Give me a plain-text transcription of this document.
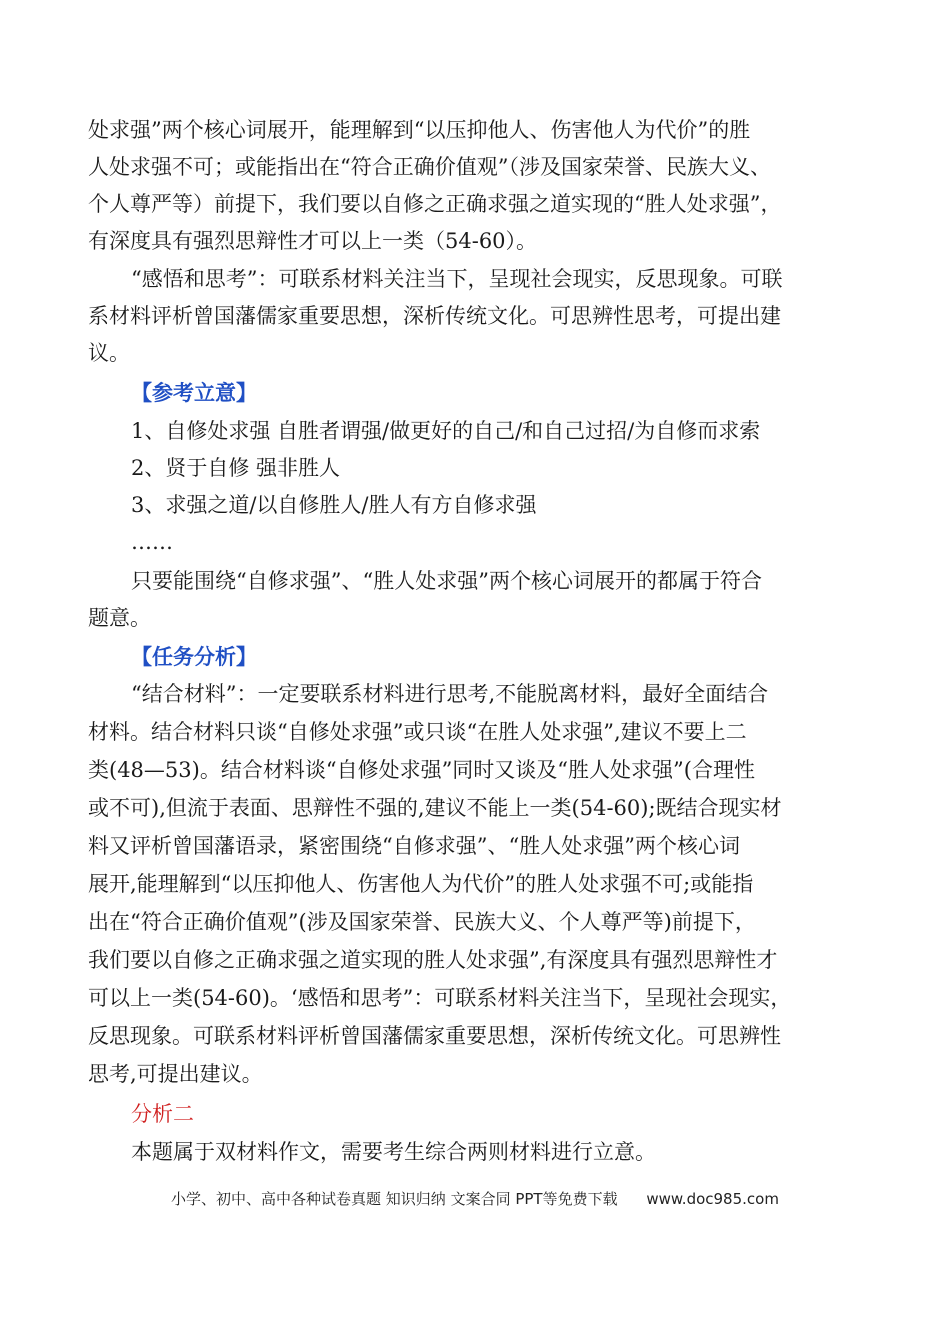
处求强”两个核心词展开，能理解到“以压抑他人、伤害他人为代价”的胜
人处求强不可；或能指出在“符合正确价值观”（涉及国家荣誉、民族大义、
个人尊严等）前提下，我们要以自修之正确求强之道实现的“胜人处求强”，
有深度具有强烈思辩性才可以上一类（54-60）。
“感悟和思考”：可联系材料关注当下，呈现社会现实，反思现象。可联
系材料评析曾国藩儒家重要思想，深析传统文化。可思辨性思考，可提出建
议。
【参考立意】
1、自修处求强 自胜者谓强/做更好的自己/和自己过招/为自修而求索
2、贤于自修 强非胜人
3、求强之道/以自修胜人/胜人有方自修求强
……
只要能围绕“自修求强”、“胜人处求强”两个核心词展开的都属于符合
题意。
【任务分析】
“结合材料”：一定要联系材料进行思考,不能脱离材料，最好全面结合
材料。结合材料只谈“自修处求强”或只谈“在胜人处求强”,建议不要上二
类(48—53)。结合材料谈“自修处求强”同时又谈及“胜人处求强”(合理性
或不可),但流于表面、思辩性不强的,建议不能上一类(54-60);既结合现实材
料又评析曾国藩语录，紧密围绕“自修求强”、“胜人处求强”两个核心词
展开,能理解到“以压抑他人、伤害他人为代价”的胜人处求强不可;或能指
出在“符合正确价值观”(涉及国家荣誉、民族大义、个人尊严等)前提下，
我们要以自修之正确求强之道实现的胜人处求强”,有深度具有强烈思辩性才
可以上一类(54-60)。‘感悟和思考”：可联系材料关注当下，呈现社会现实，
反思现象。可联系材料评析曾国藩儒家重要思想，深析传统文化。可思辨性
思考,可提出建议。
分析二
本题属于双材料作文，需要考生综合两则材料进行立意。
小学、初中、高中各种试卷真题 知识归纳 文案合同 PPT等免费下载 www.doc985.com
